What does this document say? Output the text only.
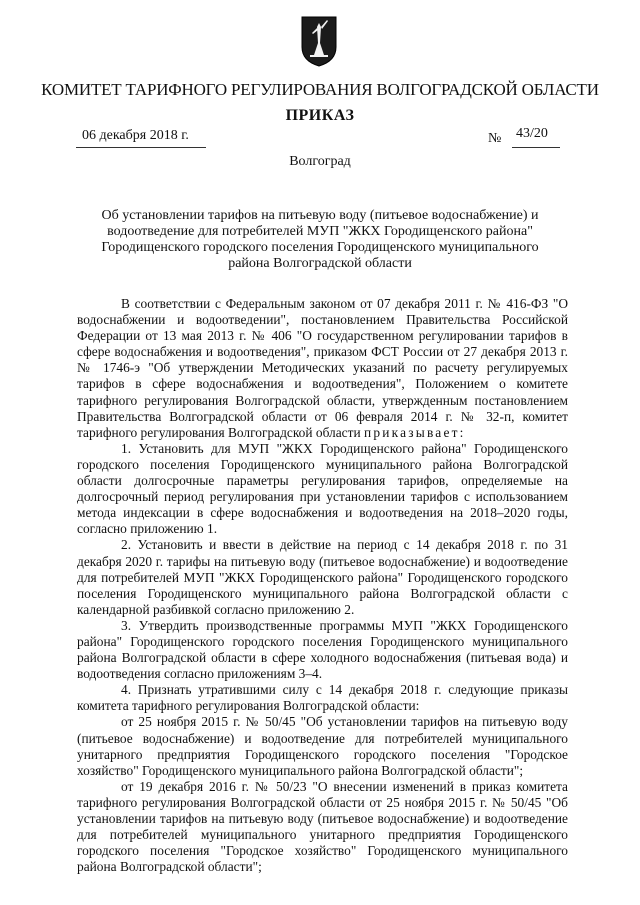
КОМИТЕТ ТАРИФНОГО РЕГУЛИРОВАНИЯ ВОЛГОГРАДСКОЙ ОБЛАСТИ
ПРИКАЗ
06 декабря 2018 г.	№ 43/20
Волгоград
Об установлении тарифов на питьевую воду (питьевое водоснабжение) и водоотведение для потребителей МУП "ЖКХ Городищенского района" Городищенского городского поселения Городищенского муниципального района Волгоградской области

В соответствии с Федеральным законом от 07 декабря 2011 г. № 416-ФЗ "О водоснабжении и водоотведении", постановлением Правительства Российской Федерации от 13 мая 2013 г. № 406 "О государственном регулировании тарифов в сфере водоснабжения и водоотведения", приказом ФСТ России от 27 декабря 2013 г. № 1746-э "Об утверждении Методических указаний по расчету регулируемых тарифов в сфере водоснабжения и водоотведения", Положением о комитете тарифного регулирования Волгоградской области, утвержденным постановлением Правительства Волгоградской области от 06 февраля 2014 г. № 32-п, комитет тарифного регулирования Волгоградской области приказывает:

1. Установить для МУП "ЖКХ Городищенского района" Городищенского городского поселения Городищенского муниципального района Волгоградской области долгосрочные параметры регулирования тарифов, определяемые на долгосрочный период регулирования при установлении тарифов с использованием метода индексации в сфере водоснабжения и водоотведения на 2018–2020 годы, согласно приложению 1.

2. Установить и ввести в действие на период с 14 декабря 2018 г. по 31 декабря 2020 г. тарифы на питьевую воду (питьевое водоснабжение) и водоотведение для потребителей МУП "ЖКХ Городищенского района" Городищенского городского поселения Городищенского муниципального района Волгоградской области с календарной разбивкой согласно приложению 2.

3. Утвердить производственные программы МУП "ЖКХ Городищенского района" Городищенского городского поселения Городищенского муниципального района Волгоградской области в сфере холодного водоснабжения (питьевая вода) и водоотведения согласно приложениям 3–4.

4. Признать утратившими силу с 14 декабря 2018 г. следующие приказы комитета тарифного регулирования Волгоградской области:

от 25 ноября 2015 г. № 50/45 "Об установлении тарифов на питьевую воду (питьевое водоснабжение) и водоотведение для потребителей муниципального унитарного предприятия Городищенского городского поселения "Городское хозяйство" Городищенского муниципального района Волгоградской области";

от 19 декабря 2016 г. № 50/23 "О внесении изменений в приказ комитета тарифного регулирования Волгоградской области от 25 ноября 2015 г. № 50/45 "Об установлении тарифов на питьевую воду (питьевое водоснабжение) и водоотведение для потребителей муниципального унитарного предприятия Городищенского городского поселения "Городское хозяйство" Городищенского муниципального района Волгоградской области";
